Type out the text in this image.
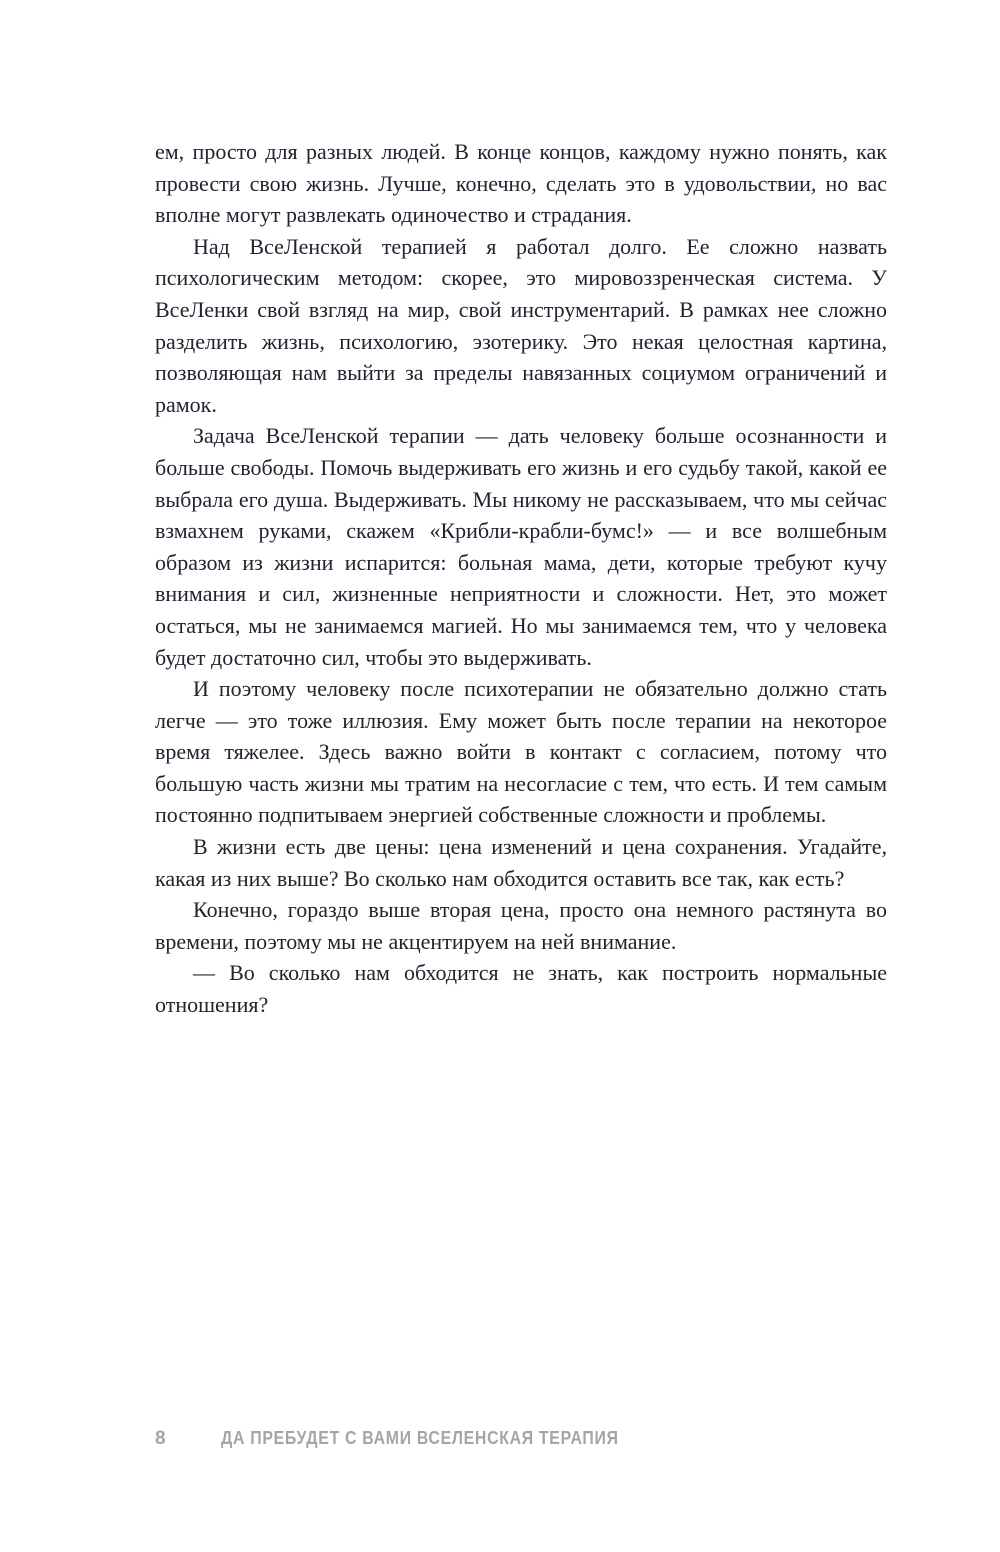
ем, просто для разных людей. В конце концов, каждому нужно понять, как провести свою жизнь. Лучше, конечно, сделать это в удовольствии, но вас вполне могут развлекать одиночество и страдания.

Над ВсеЛенской терапией я работал долго. Ее сложно назвать психологическим методом: скорее, это мировоззренческая система. У ВсеЛенки свой взгляд на мир, свой инструментарий. В рамках нее сложно разделить жизнь, психологию, эзотерику. Это некая целостная картина, позволяющая нам выйти за пределы навязанных социумом ограничений и рамок.

Задача ВсеЛенской терапии — дать человеку больше осознанности и больше свободы. Помочь выдерживать его жизнь и его судьбу такой, какой ее выбрала его душа. Выдерживать. Мы никому не рассказываем, что мы сейчас взмахнем руками, скажем «Крибли-крабли-бумс!» — и все волшебным образом из жизни испарится: больная мама, дети, которые требуют кучу внимания и сил, жизненные неприятности и сложности. Нет, это может остаться, мы не занимаемся магией. Но мы занимаемся тем, что у человека будет достаточно сил, чтобы это выдерживать.

И поэтому человеку после психотерапии не обязательно должно стать легче — это тоже иллюзия. Ему может быть после терапии на некоторое время тяжелее. Здесь важно войти в контакт с согласием, потому что большую часть жизни мы тратим на несогласие с тем, что есть. И тем самым постоянно подпитываем энергией собственные сложности и проблемы.

В жизни есть две цены: цена изменений и цена сохранения. Угадайте, какая из них выше? Во сколько нам обходится оставить все так, как есть?

Конечно, гораздо выше вторая цена, просто она немного растянута во времени, поэтому мы не акцентируем на ней внимание.

— Во сколько нам обходится не знать, как построить нормальные отношения?

8	ДА ПРЕБУДЕТ С ВАМИ ВСЕЛЕНСКАЯ ТЕРАПИЯ
